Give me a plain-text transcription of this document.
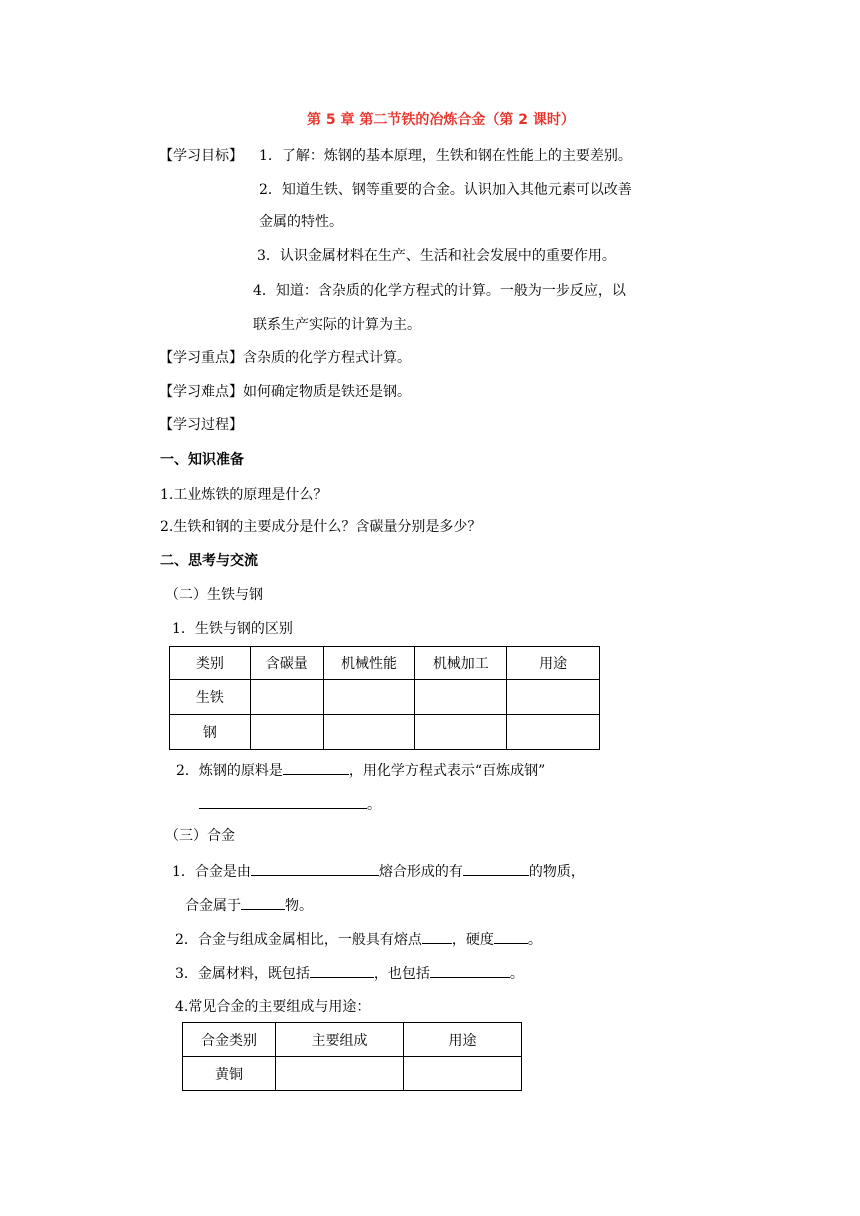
第 5 章 第二节铁的冶炼合金（第 2 课时）
【学习目标】 1．了解：炼钢的基本原理，生铁和钢在性能上的主要差别。
2．知道生铁、钢等重要的合金。认识加入其他元素可以改善
金属的特性。
3．认识金属材料在生产、生活和社会发展中的重要作用。
4．知道：含杂质的化学方程式的计算。一般为一步反应，以
联系生产实际的计算为主。
【学习重点】含杂质的化学方程式计算。
【学习难点】如何确定物质是铁还是钢。
【学习过程】
一、知识准备
1.工业炼铁的原理是什么？
2.生铁和钢的主要成分是什么？含碳量分别是多少？
二、思考与交流
（二）生铁与钢
1．生铁与钢的区别
类别	含碳量	机械性能	机械加工	用途
生铁				
钢				
2．炼钢的原料是	，用化学方程式表示“百炼成钢”
。
（三）合金
1．合金是由	熔合形成的有	的物质，
合金属于	物。
2．合金与组成金属相比，一般具有熔点 ，硬度 。
3．金属材料，既包括	，也包括	。
4.常见合金的主要组成与用途：
合金类别	主要组成	用途
黄铜		
